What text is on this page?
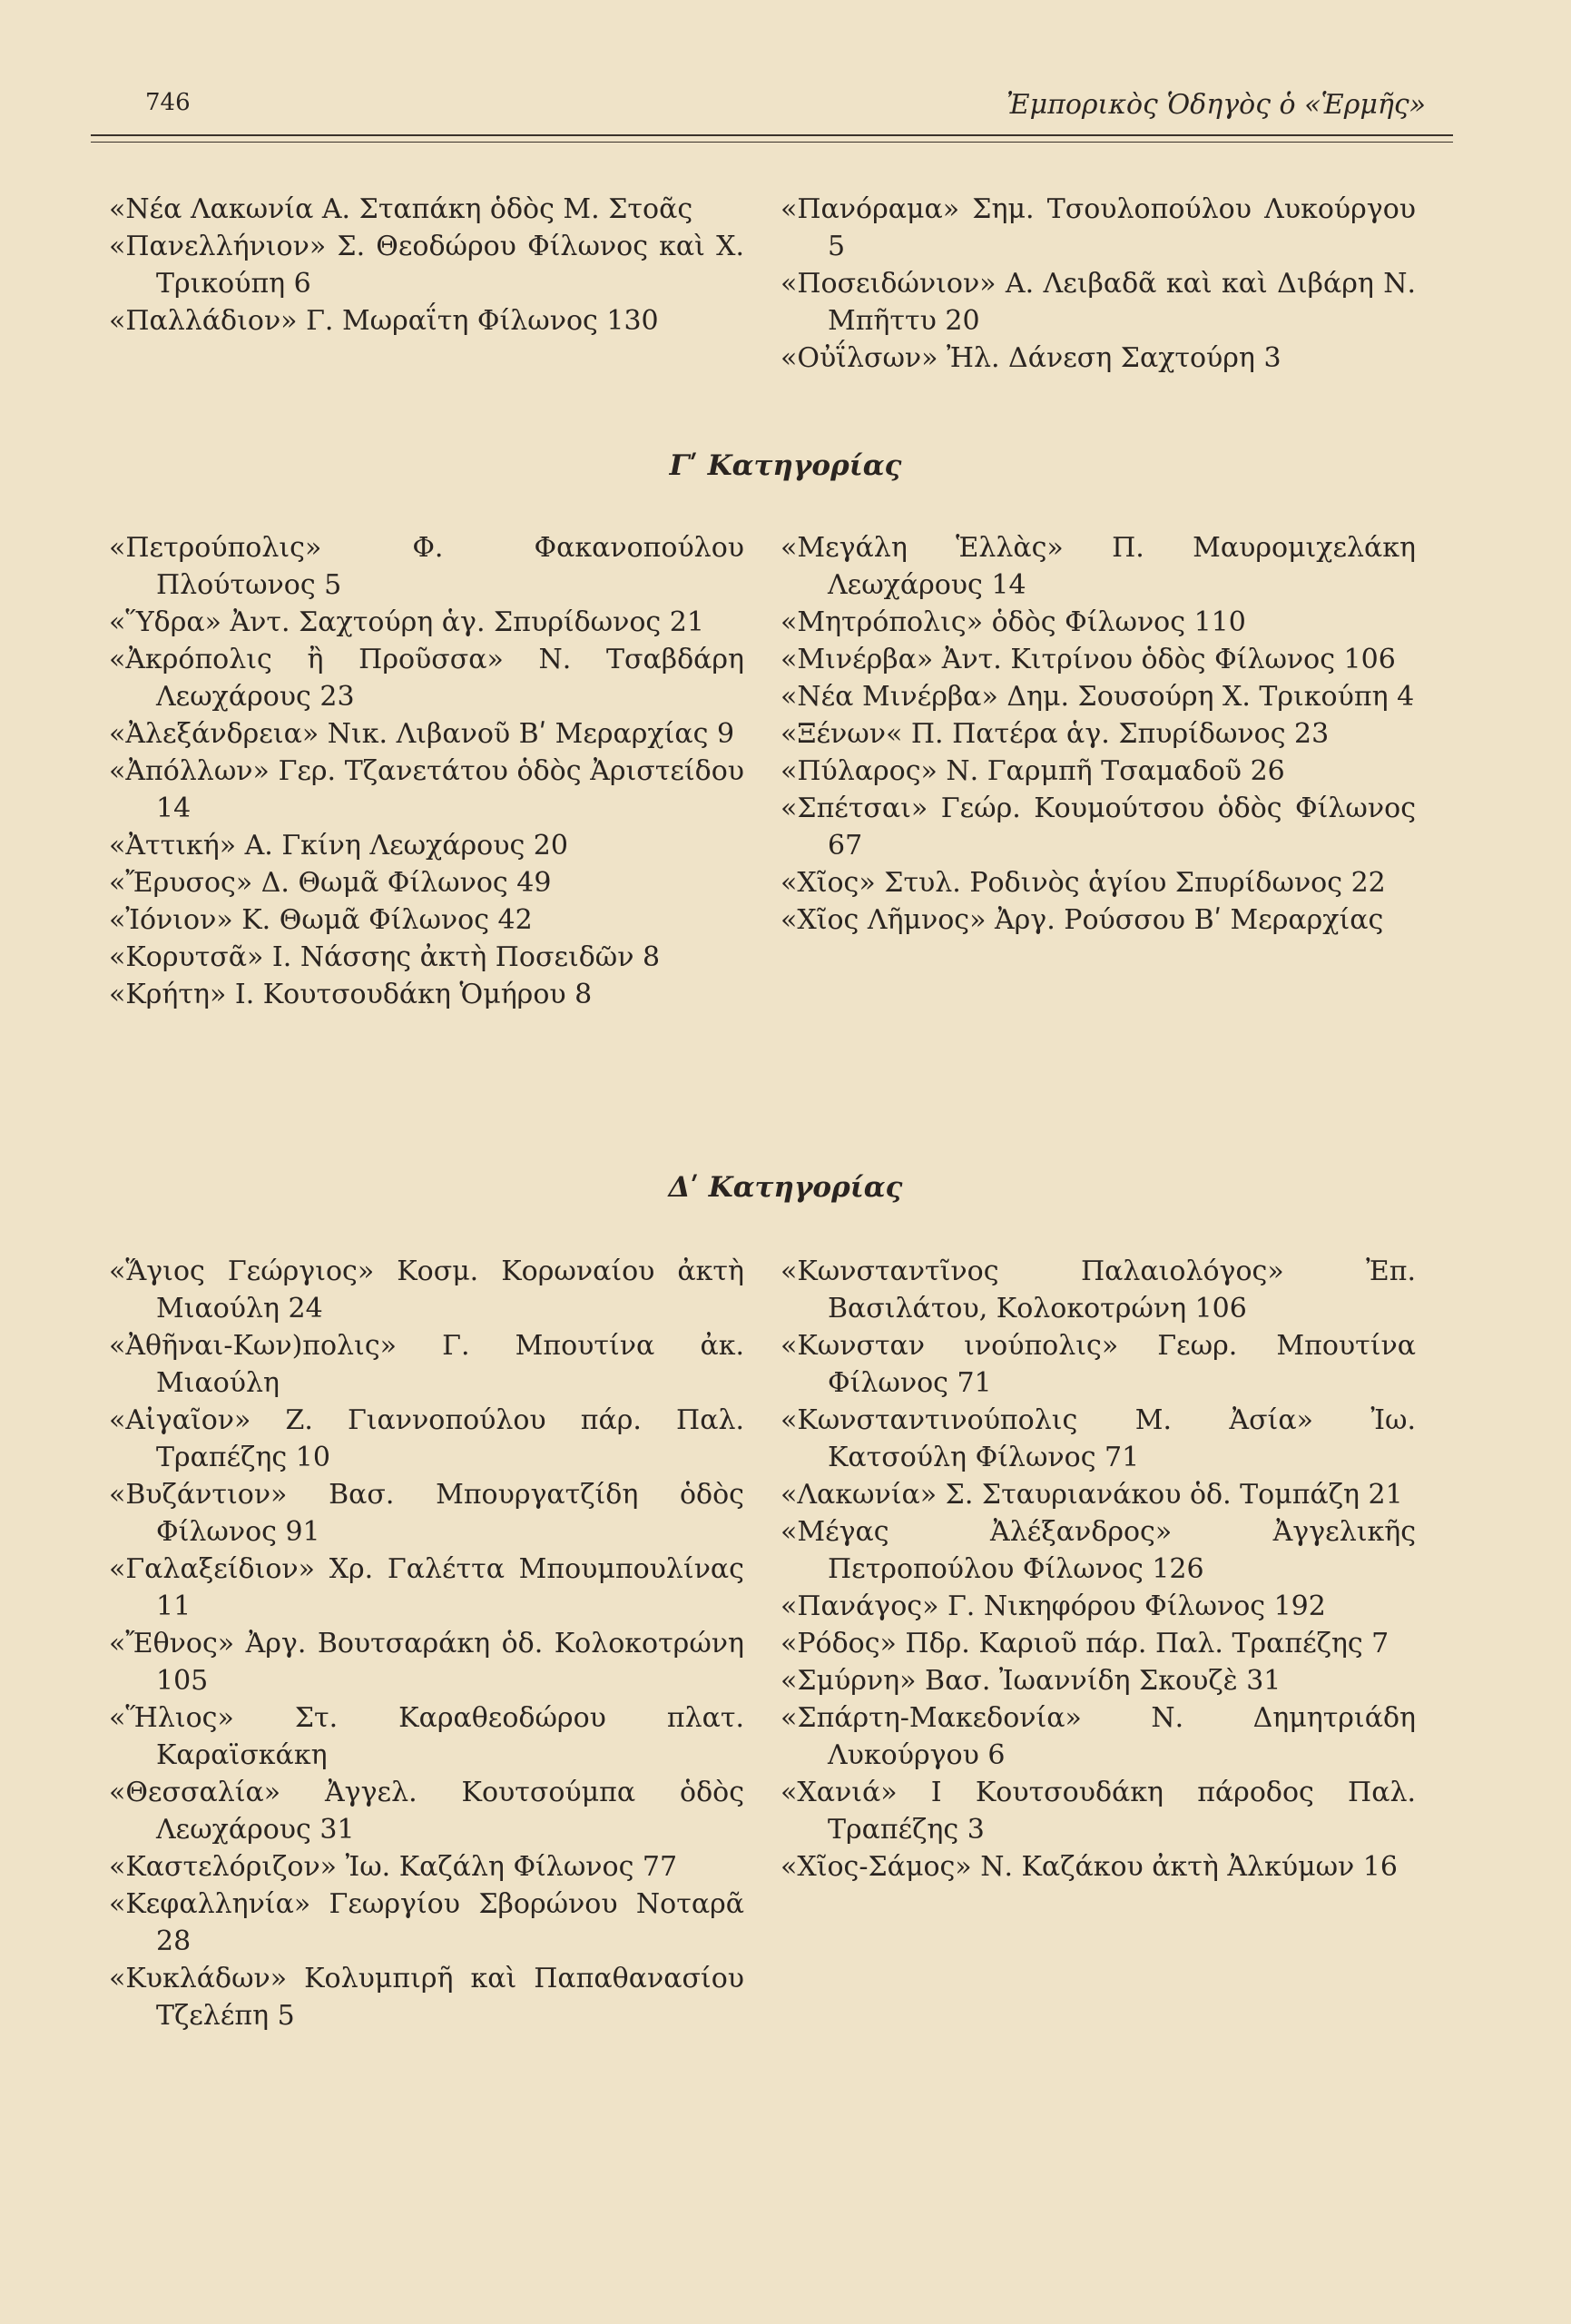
746	Ἐμπορικὸς Ὁδηγὸς ὁ «Ἑρμῆς»

«Νέα Λακωνία Α. Σταπάκη ὁδὸς Μ. Στοᾶς

«Πανελλήνιον» Σ. Θεοδώρου Φίλωνος καὶ Χ. Τρικούπη 6

«Παλλάδιον» Γ. Μωραΐτη Φίλωνος 130

«Πανόραμα» Σημ. Τσουλοπούλου Λυκούργου 5

«Ποσειδώνιον» Α. Λειβαδᾶ καὶ καὶ Διβάρη Ν. Μπῆττυ 20

«Οὐΐλσων» Ἠλ. Δάνεση Σαχτούρη 3

Γʹ Κατηγορίας

«Πετρούπολις» Φ. Φακανοπούλου Πλούτωνος 5

«Ὕδρα» Ἀντ. Σαχτούρη ἁγ. Σπυρίδωνος 21

«Ἀκρόπολις ἢ Προῦσσα» Ν. Τσαβδάρη Λεωχάρους 23

«Ἀλεξάνδρεια» Νικ. Λιβανοῦ Βʹ Μεραρχίας 9

«Ἀπόλλων» Γερ. Τζανετάτου ὁδὸς Ἀριστείδου 14

«Ἀττική» Α. Γκίνη Λεωχάρους 20

«Ἔρυσος» Δ. Θωμᾶ Φίλωνος 49

«Ἰόνιον» Κ. Θωμᾶ Φίλωνος 42

«Κορυτσᾶ» Ι. Νάσσης ἀκτὴ Ποσειδῶν 8

«Κρήτη» Ι. Κουτσουδάκη Ὁμήρου 8

«Μεγάλη Ἑλλὰς» Π. Μαυρομιχελάκη Λεωχάρους 14

«Μητρόπολις» ὁδὸς Φίλωνος 110

«Μινέρβα» Ἀντ. Κιτρίνου ὁδὸς Φίλωνος 106

«Νέα Μινέρβα» Δημ. Σουσούρη Χ. Τρικούπη 4

«Ξένων« Π. Πατέρα ἁγ. Σπυρίδωνος 23

«Πύλαρος» Ν. Γαρμπῆ Τσαμαδοῦ 26

«Σπέτσαι» Γεώρ. Κουμούτσου ὁδὸς Φίλωνος 67

«Χῖος» Στυλ. Ροδινὸς ἁγίου Σπυρίδωνος 22

«Χῖος Λῆμνος» Ἀργ. Ρούσσου Βʹ Μεραρχίας

Δʹ Κατηγορίας

«Ἅγιος Γεώργιος» Κοσμ. Κορωναίου ἀκτὴ Μιαούλη 24

«Ἀθῆναι-Κων)πολις» Γ. Μπουτίνα ἀκ. Μιαούλη

«Αἰγαῖον» Ζ. Γιαννοπούλου πάρ. Παλ. Τραπέζης 10

«Βυζάντιον» Βασ. Μπουργατζίδη ὁδὸς Φίλωνος 91

«Γαλαξείδιον» Χρ. Γαλέττα Μπουμπουλίνας 11

«Ἔθνος» Ἀργ. Βουτσαράκη ὁδ. Κολοκοτρώνη 105

«Ἥλιος» Στ. Καραθεοδώρου πλατ. Καραϊσκάκη

«Θεσσαλία» Ἀγγελ. Κουτσούμπα ὁδὸς Λεωχάρους 31

«Καστελόριζον» Ἰω. Καζάλη Φίλωνος 77

«Κεφαλληνία» Γεωργίου Σβορώνου Νοταρᾶ 28

«Κυκλάδων» Κολυμπιρῆ καὶ Παπαθανασίου Τζελέπη 5

«Κωνσταντῖνος Παλαιολόγος» Ἐπ. Βασιλάτου, Κολοκοτρώνη 106

«Κωνσταν ινούπολις» Γεωρ. Μπουτίνα Φίλωνος 71

«Κωνσταντινούπολις Μ. Ἀσία» Ἰω. Κατσούλη Φίλωνος 71

«Λακωνία» Σ. Σταυριανάκου ὁδ. Τομπάζη 21

«Μέγας Ἀλέξανδρος» Ἀγγελικῆς Πετροπούλου Φίλωνος 126

«Πανάγος» Γ. Νικηφόρου Φίλωνος 192

«Ρόδος» Πδρ. Καριοῦ πάρ. Παλ. Τραπέζης 7

«Σμύρνη» Βασ. Ἰωαννίδη Σκουζὲ 31

«Σπάρτη-Μακεδονία» Ν. Δημητριάδη Λυκούργου 6

«Χανιά» Ι Κουτσουδάκη πάροδος Παλ. Τραπέζης 3

«Χῖος-Σάμος» Ν. Καζάκου ἀκτὴ Ἀλκύμων 16
